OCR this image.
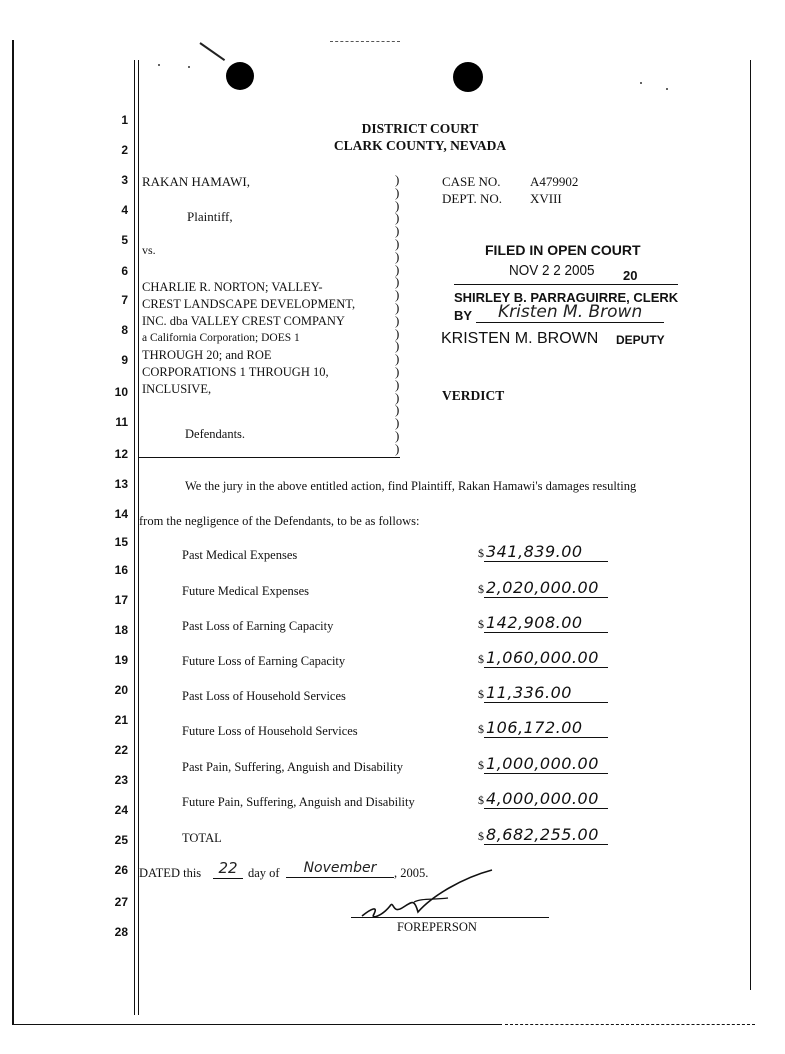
1
2
3
4
5
6
7
8
9
10
11
12
13
14
15
16
17
18
19
20
21
22
23
24
25
26
27
28
DISTRICT COURT
CLARK COUNTY, NEVADA
RAKAN HAMAWI,
Plaintiff,
vs.
CHARLIE R. NORTON; VALLEY-
CREST LANDSCAPE DEVELOPMENT,
INC. dba VALLEY CREST COMPANY
a California Corporation; DOES 1
THROUGH 20; and ROE
CORPORATIONS 1 THROUGH 10,
INCLUSIVE,
Defendants.
)
)
)
)
)
)
)
)
)
)
)
)
)
)
)
)
)
)
)
)
)
)
CASE NO. A479902
DEPT. NO. XVIII
FILED IN OPEN COURT
NOV 2 2 2005 20
SHIRLEY B. PARRAGUIRRE, CLERK
BY Kristen M. Brown
KRISTEN M. BROWN DEPUTY
VERDICT
We the jury in the above entitled action, find Plaintiff, Rakan Hamawi's damages resulting
from the negligence of the Defendants, to be as follows:
Past Medical Expenses	$ 341,839.00
Future Medical Expenses	$ 2,020,000.00
Past Loss of Earning Capacity	$ 142,908.00
Future Loss of Earning Capacity	$ 1,060,000.00
Past Loss of Household Services	$ 11,336.00
Future Loss of Household Services	$ 106,172.00
Past Pain, Suffering, Anguish and Disability	$ 1,000,000.00
Future Pain, Suffering, Anguish and Disability	$ 4,000,000.00
TOTAL	$ 8,682,255.00
DATED this	22 day of	November	, 2005.
FOREPERSON
